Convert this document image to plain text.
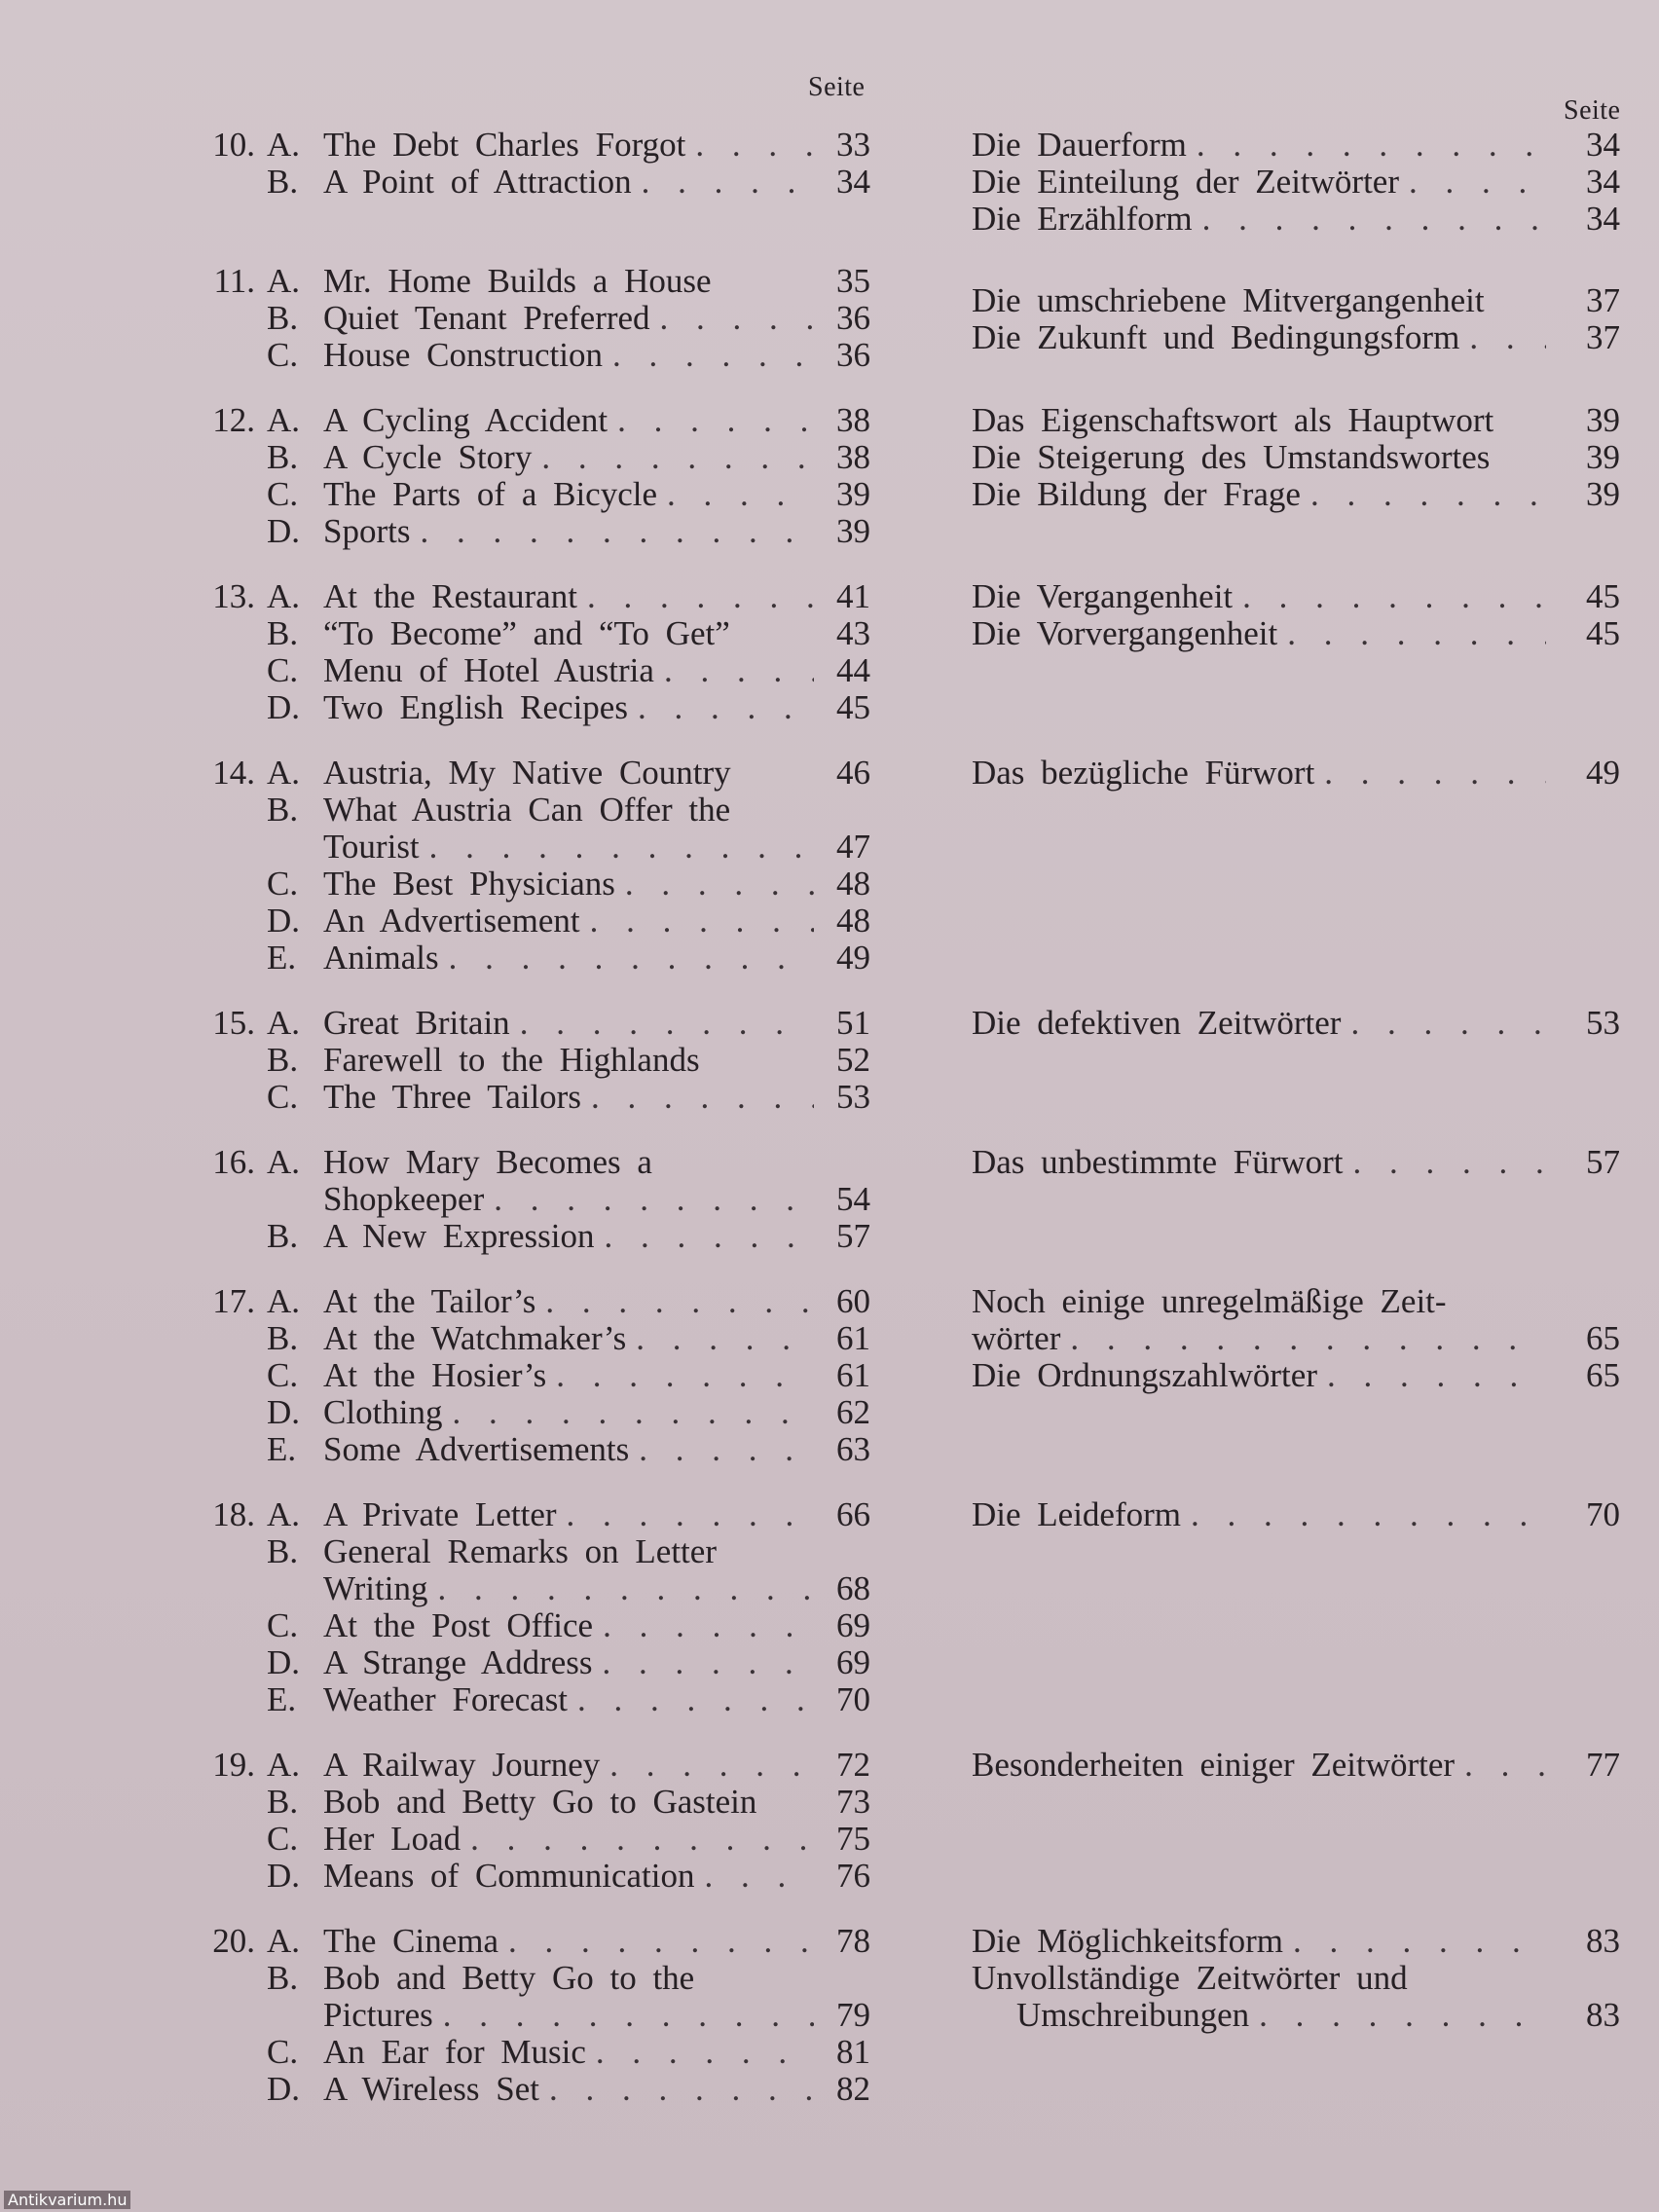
Seite
Seite
10. A. The Debt Charles Forgot . . .	33
B. A Point of Attraction . . .	34
11. A. Mr. Home Builds a House	35
B. Quiet Tenant Preferred . . .	36
C. House Construction . . .	36
12. A. A Cycling Accident . . .	38
B. A Cycle Story . . .	38
C. The Parts of a Bicycle . . .	39
D. Sports . . .	39
13. A. At the Restaurant . . .	41
B. “To Become” and “To Get”	43
C. Menu of Hotel Austria . . .	44
D. Two English Recipes . . .	45
14. A. Austria, My Native Country	46
B. What Austria Can Offer the
Tourist . . .	47
C. The Best Physicians . . .	48
D. An Advertisement . . .	48
E. Animals . . .	49
15. A. Great Britain . . .	51
B. Farewell to the Highlands	52
C. The Three Tailors . . .	53
16. A. How Mary Becomes a
Shopkeeper . . .	54
B. A New Expression . . .	57
17. A. At the Tailor’s . . .	60
B. At the Watchmaker’s . . .	61
C. At the Hosier’s . . .	61
D. Clothing . . .	62
E. Some Advertisements . . .	63
18. A. A Private Letter . . .	66
B. General Remarks on Letter
Writing . . .	68
C. At the Post Office . . .	69
D. A Strange Address . . .	69
E. Weather Forecast . . .	70
19. A. A Railway Journey . . .	72
B. Bob and Betty Go to Gastein	73
C. Her Load . . .	75
D. Means of Communication . . .	76
20. A. The Cinema . . .	78
B. Bob and Betty Go to the
Pictures . . .	79
C. An Ear for Music . . .	81
D. A Wireless Set . . .	82
Die Dauerform . . .	34
Die Einteilung der Zeitwörter . . .	34
Die Erzählform . . .	34
Die umschriebene Mitvergangenheit	37
Die Zukunft und Bedingungsform . . .	37
Das Eigenschaftswort als Hauptwort	39
Die Steigerung des Umstandswortes	39
Die Bildung der Frage . . .	39
Die Vergangenheit . . .	45
Die Vorvergangenheit . . .	45
Das bezügliche Fürwort . . .	49
Die defektiven Zeitwörter . . .	53
Das unbestimmte Fürwort . . .	57
Noch einige unregelmäßige Zeit-
wörter . . .	65
Die Ordnungszahlwörter . . .	65
Die Leideform . . .	70
Besonderheiten einiger Zeitwörter . . .	77
Die Möglichkeitsform . . .	83
Unvollständige Zeitwörter und
Umschreibungen . . .	83
Antikvarium.hu
